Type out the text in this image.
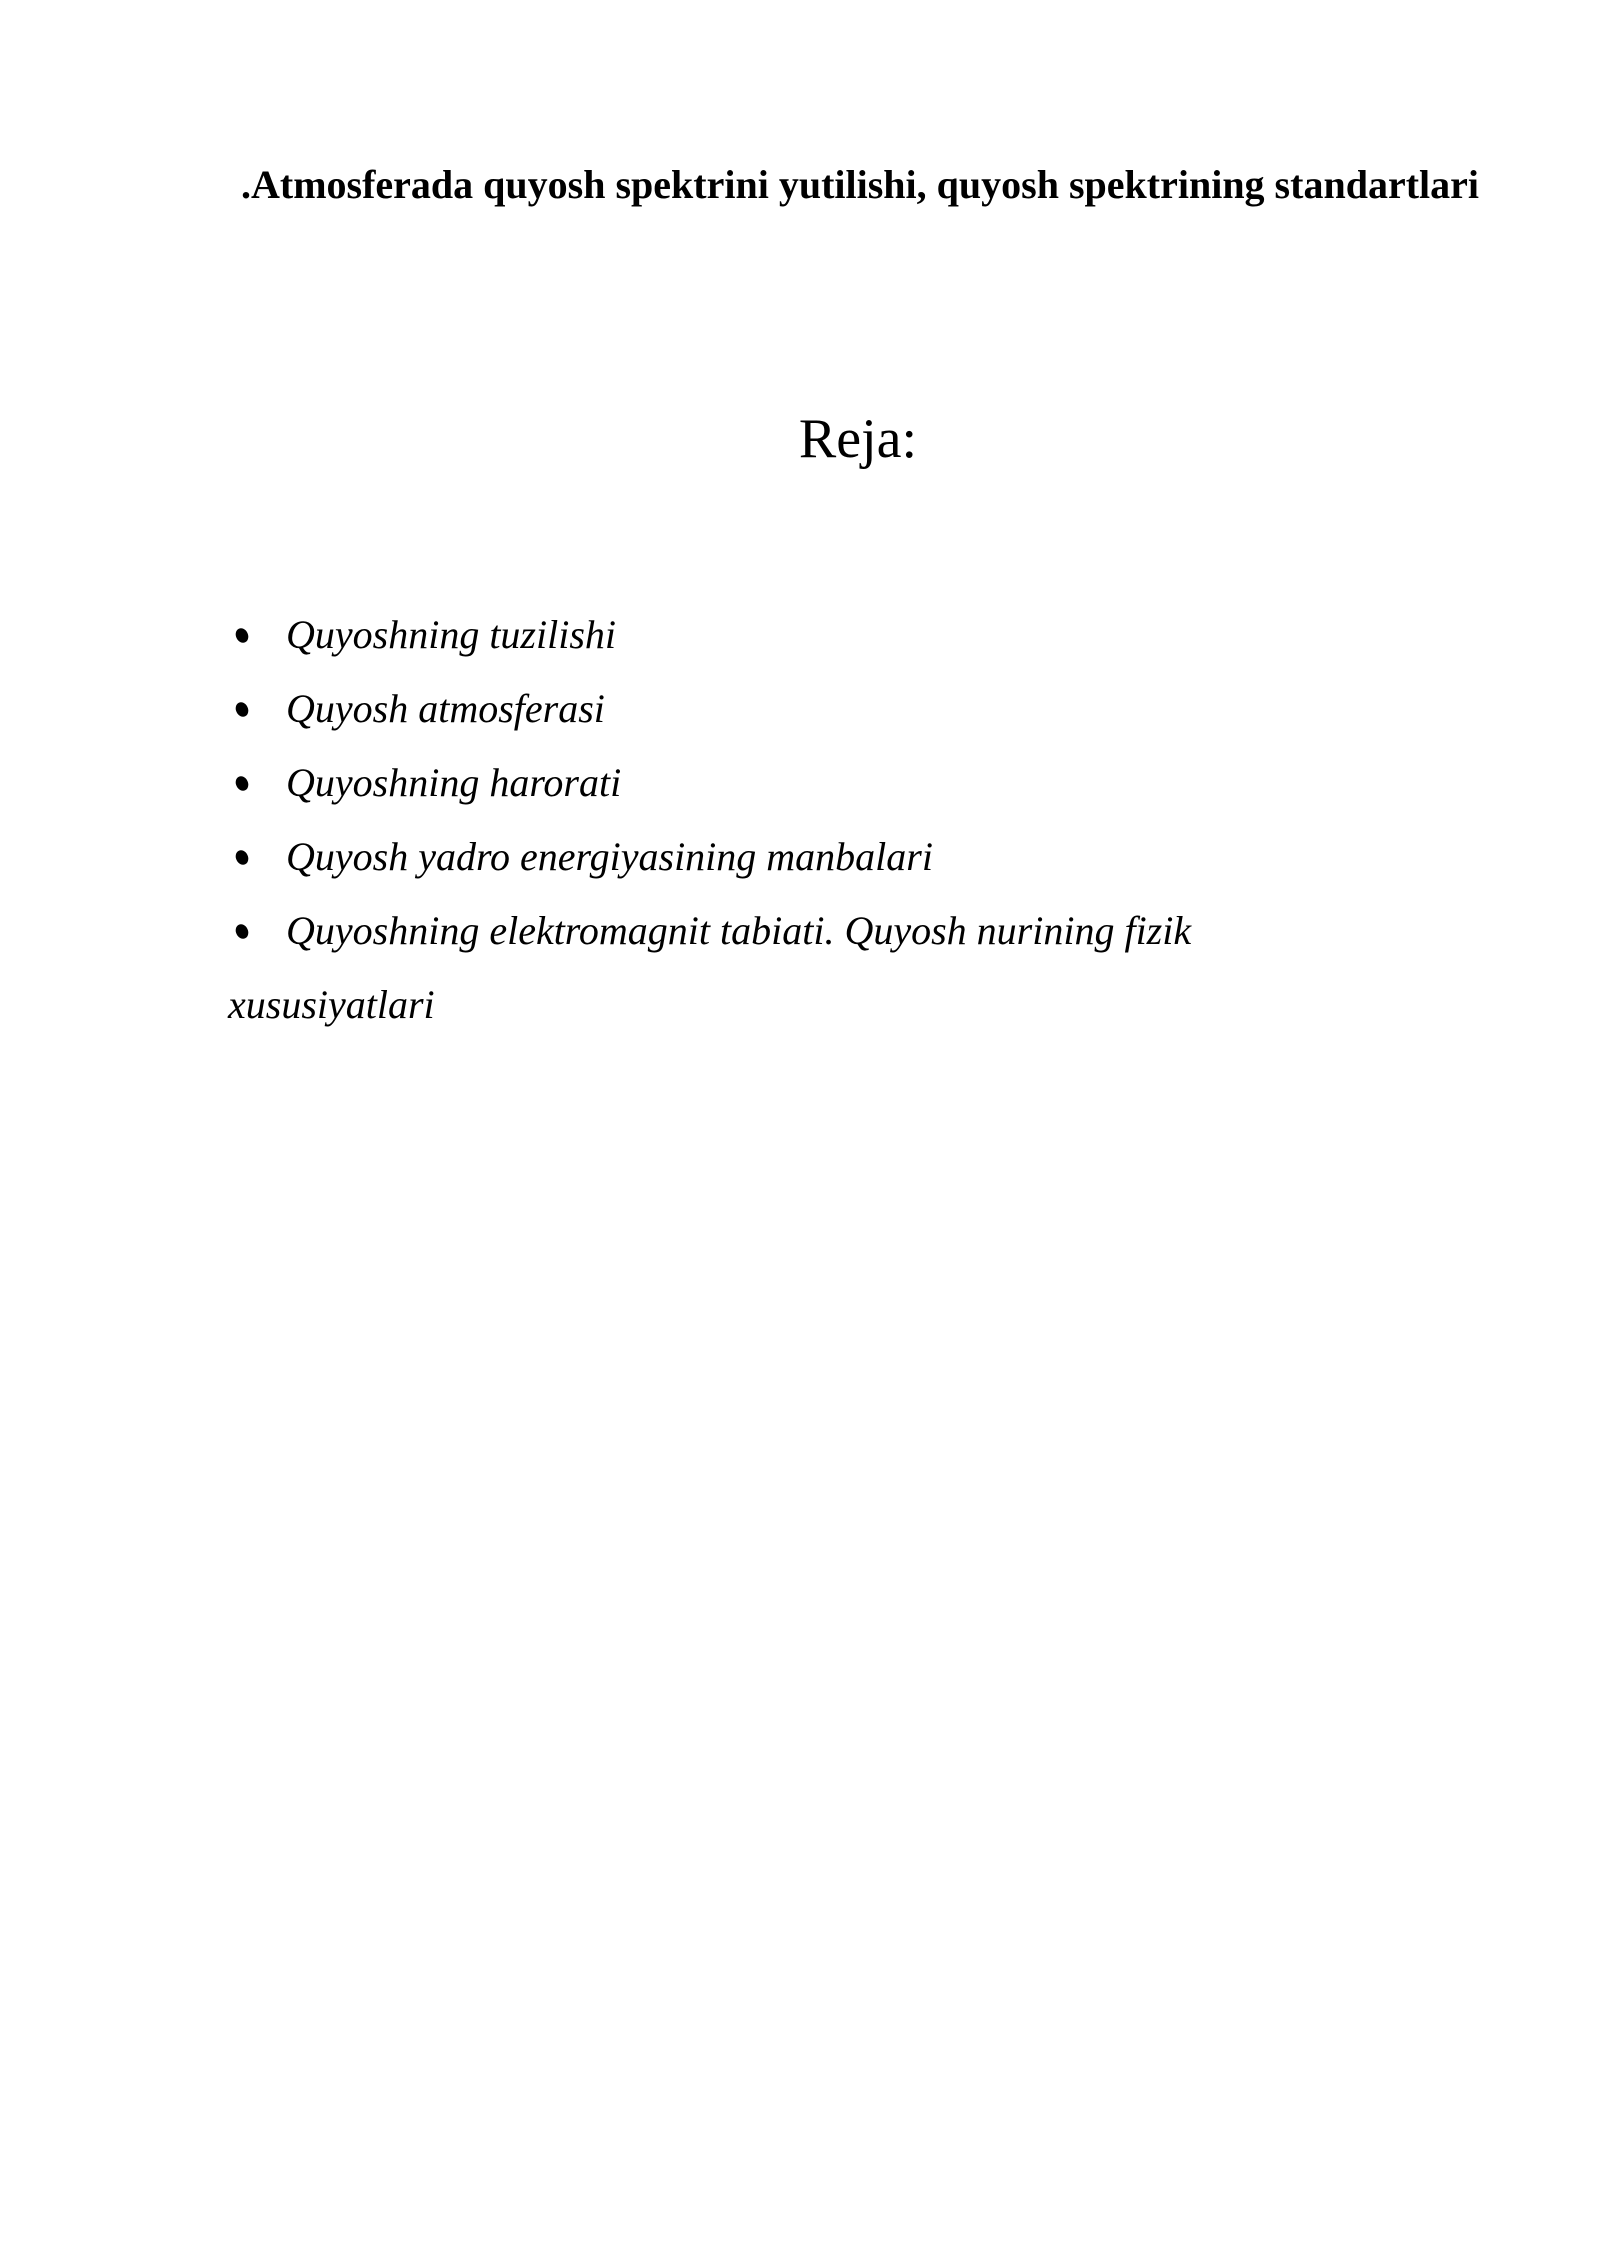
.Atmosferada quyosh spektrini yutilishi, quyosh spektrining standartlari
Reja:
Quyoshning tuzilishi
Quyosh atmosferasi
Quyoshning harorati
Quyosh yadro energiyasining manbalari
Quyoshning elektromagnit tabiati. Quyosh nurining fizik xususiyatlari
